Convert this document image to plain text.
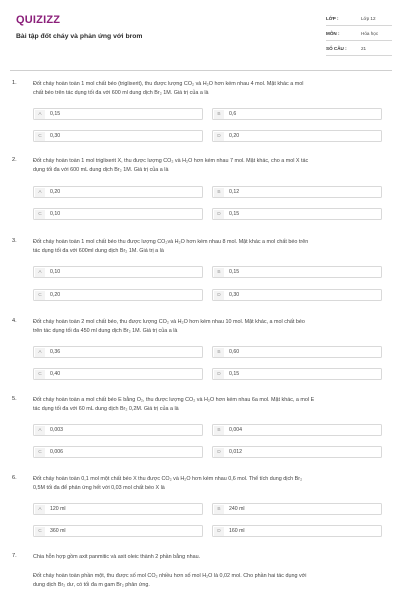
QUIZIZZ
Bài tập đốt cháy và phản ứng với brom
LỚP :	Lớp 12
MÔN :	Hóa học
SỐ CÂU :	21
1.	Đốt cháy hoàn toàn 1 mol chất béo (triglixerit), thu được lượng CO₂ và H₂O hơn kém nhau 4 mol. Mặt khác a mol
chất béo trên tác dụng tối đa với 600 ml dung dịch Br₂ 1M. Giá trị của a là
A	0,15	B	0,6
C	0,30	D	0,20
2.	Đốt cháy hoàn toàn 1 mol triglixerit X, thu được lượng CO₂ và H₂O hơn kém nhau 7 mol. Mặt khác, cho a mol X tác
dụng tối đa với 600 mL dung dịch Br₂ 1M. Giá trị của a là
A	0,20	B	0,12
C	0,10	D	0,15
3.	Đốt cháy hoàn toàn 1 mol chất béo thu được lượng CO₂và H₂O hơn kém nhau 8 mol. Mặt khác a mol chất béo trên
tác dụng tối đa với 600ml dung dịch Br₂ 1M. Giá trị a là
A	0,10	B	0,15
C	0,20	D	0,30
4.	Đốt cháy hoàn toàn 2 mol chất béo, thu được lượng CO₂ và H₂O hơn kém nhau 10 mol. Mặt khác, a mol chất béo
trên tác dụng tối đa 450 ml dung dịch Br₂ 1M. Giá trị của a là
A	0,36	B	0,60
C	0,40	D	0,15
5.	Đốt cháy hoàn toàn a mol chất béo E bằng O₂, thu được lượng CO₂ và H₂O hơn kém nhau 6a mol. Mặt khác, a mol E
tác dụng tối đa với 60 mL dung dịch Br₂ 0,2M. Giá trị của a là
A	0,003	B	0,004
C	0,006	D	0,012
6.	Đốt cháy hoàn toàn 0,1 mol một chất béo X thu được CO₂ và H₂O hơn kém nhau 0,6 mol. Thể tích dung dịch Br₂
0,5M tối đa để phản ứng hết với 0,03 mol chất béo X là
A	120 ml	B	240 ml
C	360 ml	D	160 ml
7.	Chia hỗn hợp gồm axit panmitic và axit oleic thành 2 phần bằng nhau.
Đốt cháy hoàn toàn phần một, thu được số mol CO₂ nhiều hơn số mol H₂O là 0,02 mol. Cho phần hai tác dụng với
dung dịch Br₂ dư, có tối đa m gam Br₂ phản ứng.
